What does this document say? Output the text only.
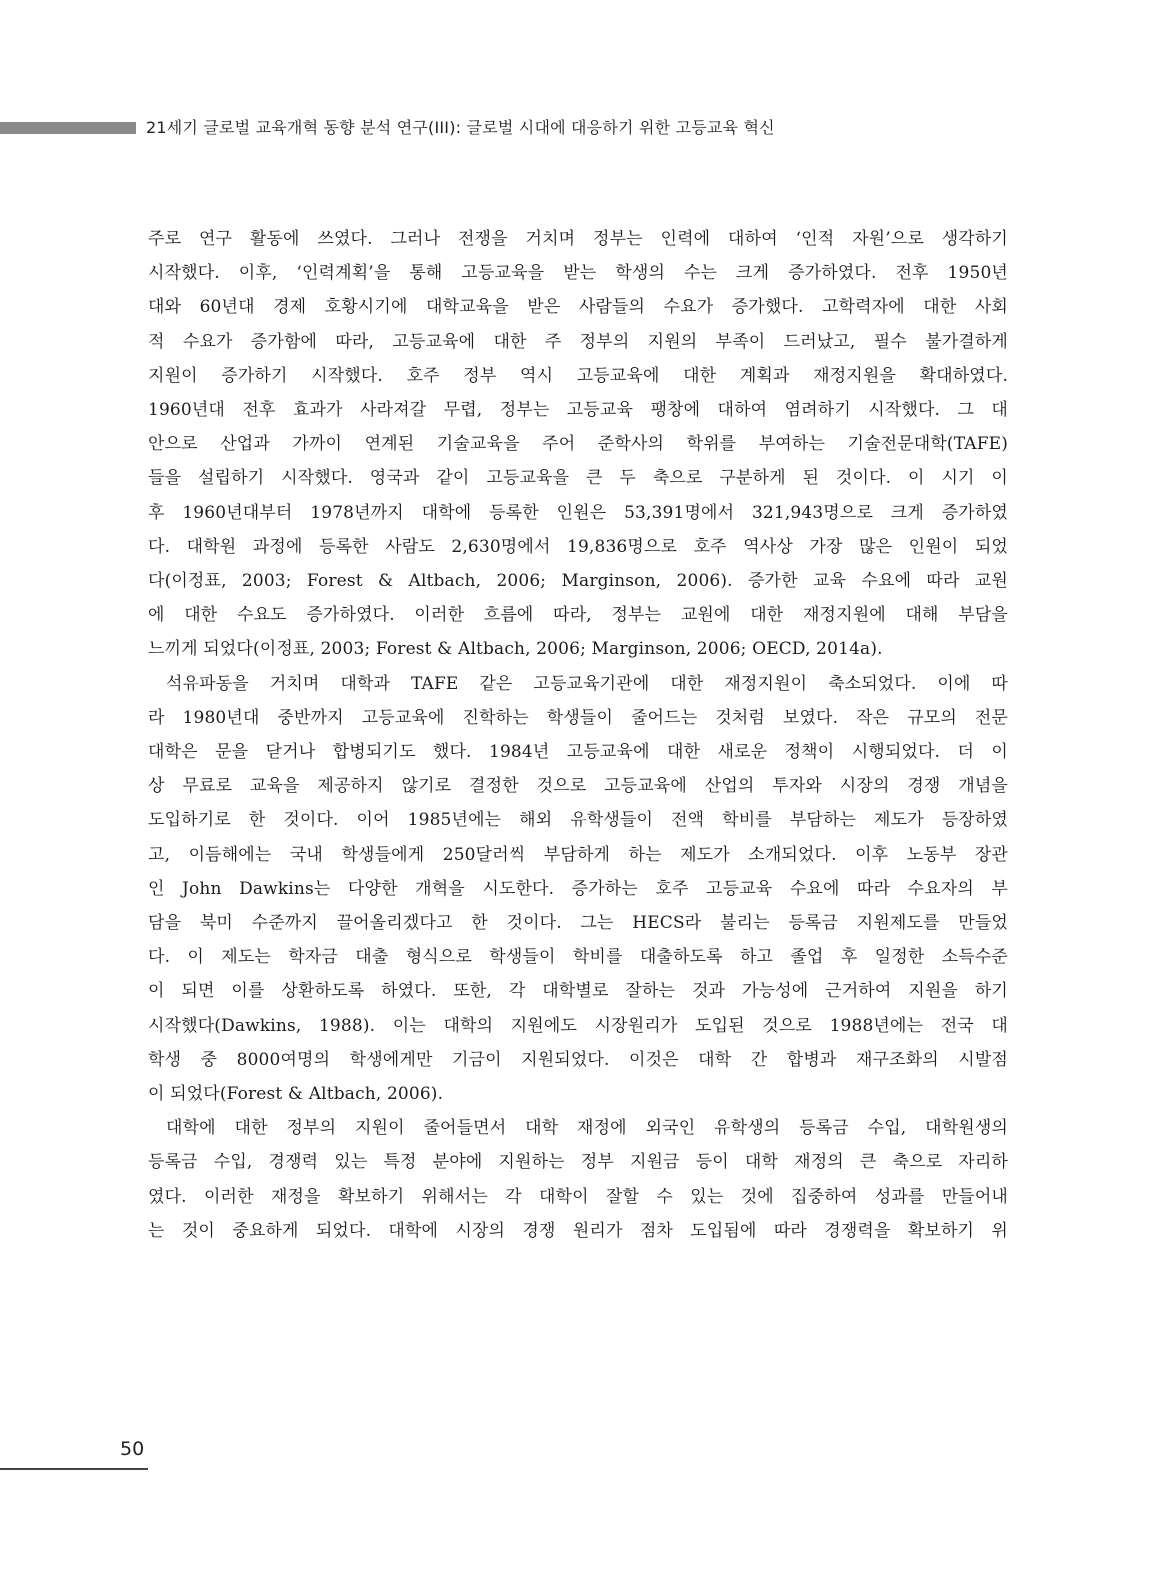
21세기 글로벌 교육개혁 동향 분석 연구(III): 글로벌 시대에 대응하기 위한 고등교육 혁신
주로 연구 활동에 쓰였다. 그러나 전쟁을 거치며 정부는 인력에 대하여 ‘인적 자원’으로 생각하기
시작했다. 이후, ‘인력계획’을 통해 고등교육을 받는 학생의 수는 크게 증가하였다. 전후 1950년
대와 60년대 경제 호황시기에 대학교육을 받은 사람들의 수요가 증가했다. 고학력자에 대한 사회
적 수요가 증가함에 따라, 고등교육에 대한 주 정부의 지원의 부족이 드러났고, 필수 불가결하게
지원이 증가하기 시작했다. 호주 정부 역시 고등교육에 대한 계획과 재정지원을 확대하였다.
1960년대 전후 효과가 사라져갈 무렵, 정부는 고등교육 팽창에 대하여 염려하기 시작했다. 그 대
안으로 산업과 가까이 연계된 기술교육을 주어 준학사의 학위를 부여하는 기술전문대학(TAFE)
들을 설립하기 시작했다. 영국과 같이 고등교육을 큰 두 축으로 구분하게 된 것이다. 이 시기 이
후 1960년대부터 1978년까지 대학에 등록한 인원은 53,391명에서 321,943명으로 크게 증가하였
다. 대학원 과정에 등록한 사람도 2,630명에서 19,836명으로 호주 역사상 가장 많은 인원이 되었
다(이정표, 2003; Forest & Altbach, 2006; Marginson, 2006). 증가한 교육 수요에 따라 교원
에 대한 수요도 증가하였다. 이러한 흐름에 따라, 정부는 교원에 대한 재정지원에 대해 부담을
느끼게 되었다(이정표, 2003; Forest & Altbach, 2006; Marginson, 2006; OECD, 2014a).
석유파동을 거치며 대학과 TAFE 같은 고등교육기관에 대한 재정지원이 축소되었다. 이에 따
라 1980년대 중반까지 고등교육에 진학하는 학생들이 줄어드는 것처럼 보였다. 작은 규모의 전문
대학은 문을 닫거나 합병되기도 했다. 1984년 고등교육에 대한 새로운 정책이 시행되었다. 더 이
상 무료로 교육을 제공하지 않기로 결정한 것으로 고등교육에 산업의 투자와 시장의 경쟁 개념을
도입하기로 한 것이다. 이어 1985년에는 해외 유학생들이 전액 학비를 부담하는 제도가 등장하였
고, 이듬해에는 국내 학생들에게 250달러씩 부담하게 하는 제도가 소개되었다. 이후 노동부 장관
인 John Dawkins는 다양한 개혁을 시도한다. 증가하는 호주 고등교육 수요에 따라 수요자의 부
담을 북미 수준까지 끌어올리겠다고 한 것이다. 그는 HECS라 불리는 등록금 지원제도를 만들었
다. 이 제도는 학자금 대출 형식으로 학생들이 학비를 대출하도록 하고 졸업 후 일정한 소득수준
이 되면 이를 상환하도록 하였다. 또한, 각 대학별로 잘하는 것과 가능성에 근거하여 지원을 하기
시작했다(Dawkins, 1988). 이는 대학의 지원에도 시장원리가 도입된 것으로 1988년에는 전국 대
학생 중 8000여명의 학생에게만 기금이 지원되었다. 이것은 대학 간 합병과 재구조화의 시발점
이 되었다(Forest & Altbach, 2006).
대학에 대한 정부의 지원이 줄어들면서 대학 재정에 외국인 유학생의 등록금 수입, 대학원생의
등록금 수입, 경쟁력 있는 특정 분야에 지원하는 정부 지원금 등이 대학 재정의 큰 축으로 자리하
였다. 이러한 재정을 확보하기 위해서는 각 대학이 잘할 수 있는 것에 집중하여 성과를 만들어내
는 것이 중요하게 되었다. 대학에 시장의 경쟁 원리가 점차 도입됨에 따라 경쟁력을 확보하기 위
50
